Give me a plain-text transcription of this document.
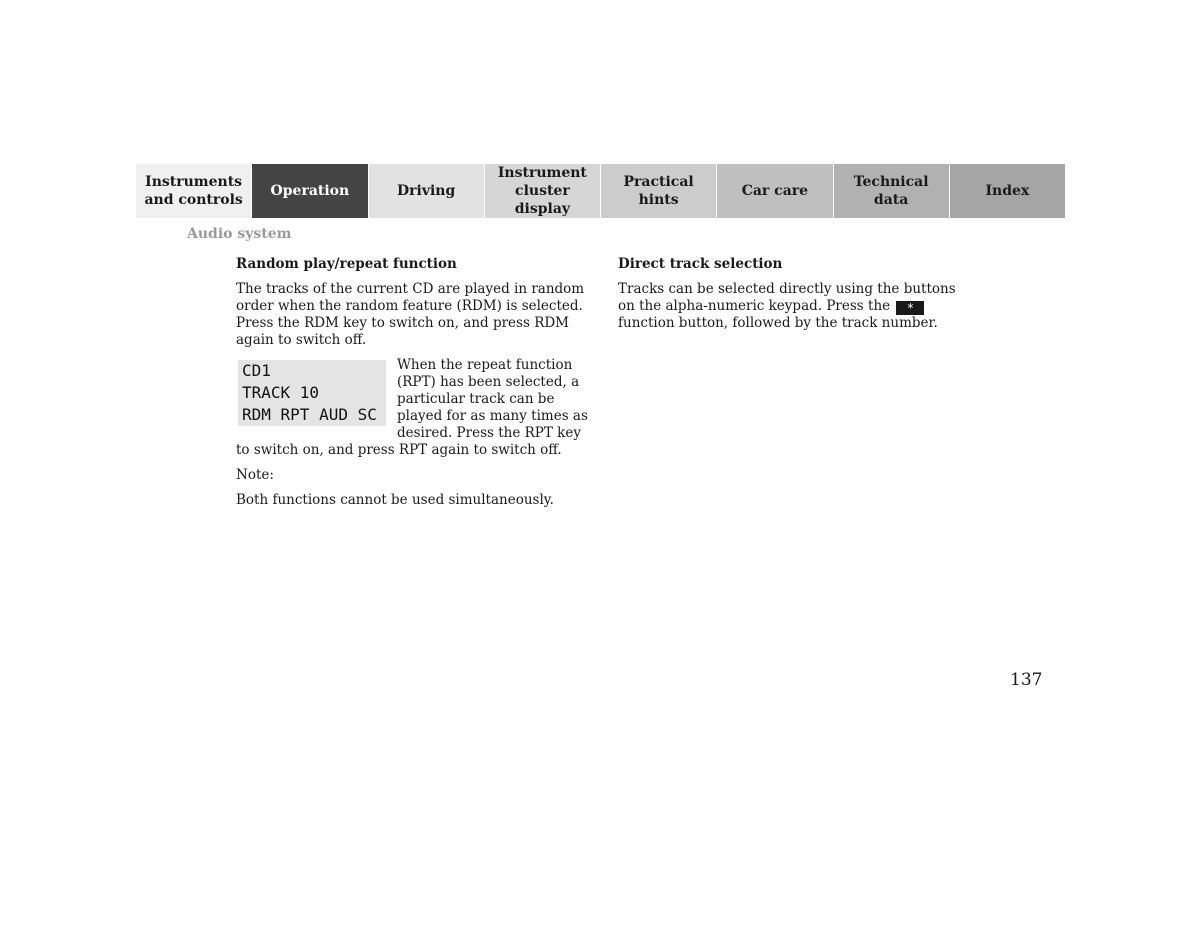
Instruments
and controls
Operation	Driving
Instrument
cluster display
Practical hints
Car care
Technical
data
Index
Audio system
Random play/repeat function

The tracks of the current CD are played in random order when the random feature (RDM) is selected. Press the RDM key to switch on, and press RDM again to switch off.

CD1
TRACK 10
RDM RPT AUD SC

When the repeat function (RPT) has been selected, a particular track can be played for as many times as desired. Press the RPT key to switch on, and press RPT again to switch off.

Note:

Both functions cannot be used simultaneously.

Direct track selection

Tracks can be selected directly using the buttons on the alpha-numeric keypad. Press the * function button, followed by the track number.

137
